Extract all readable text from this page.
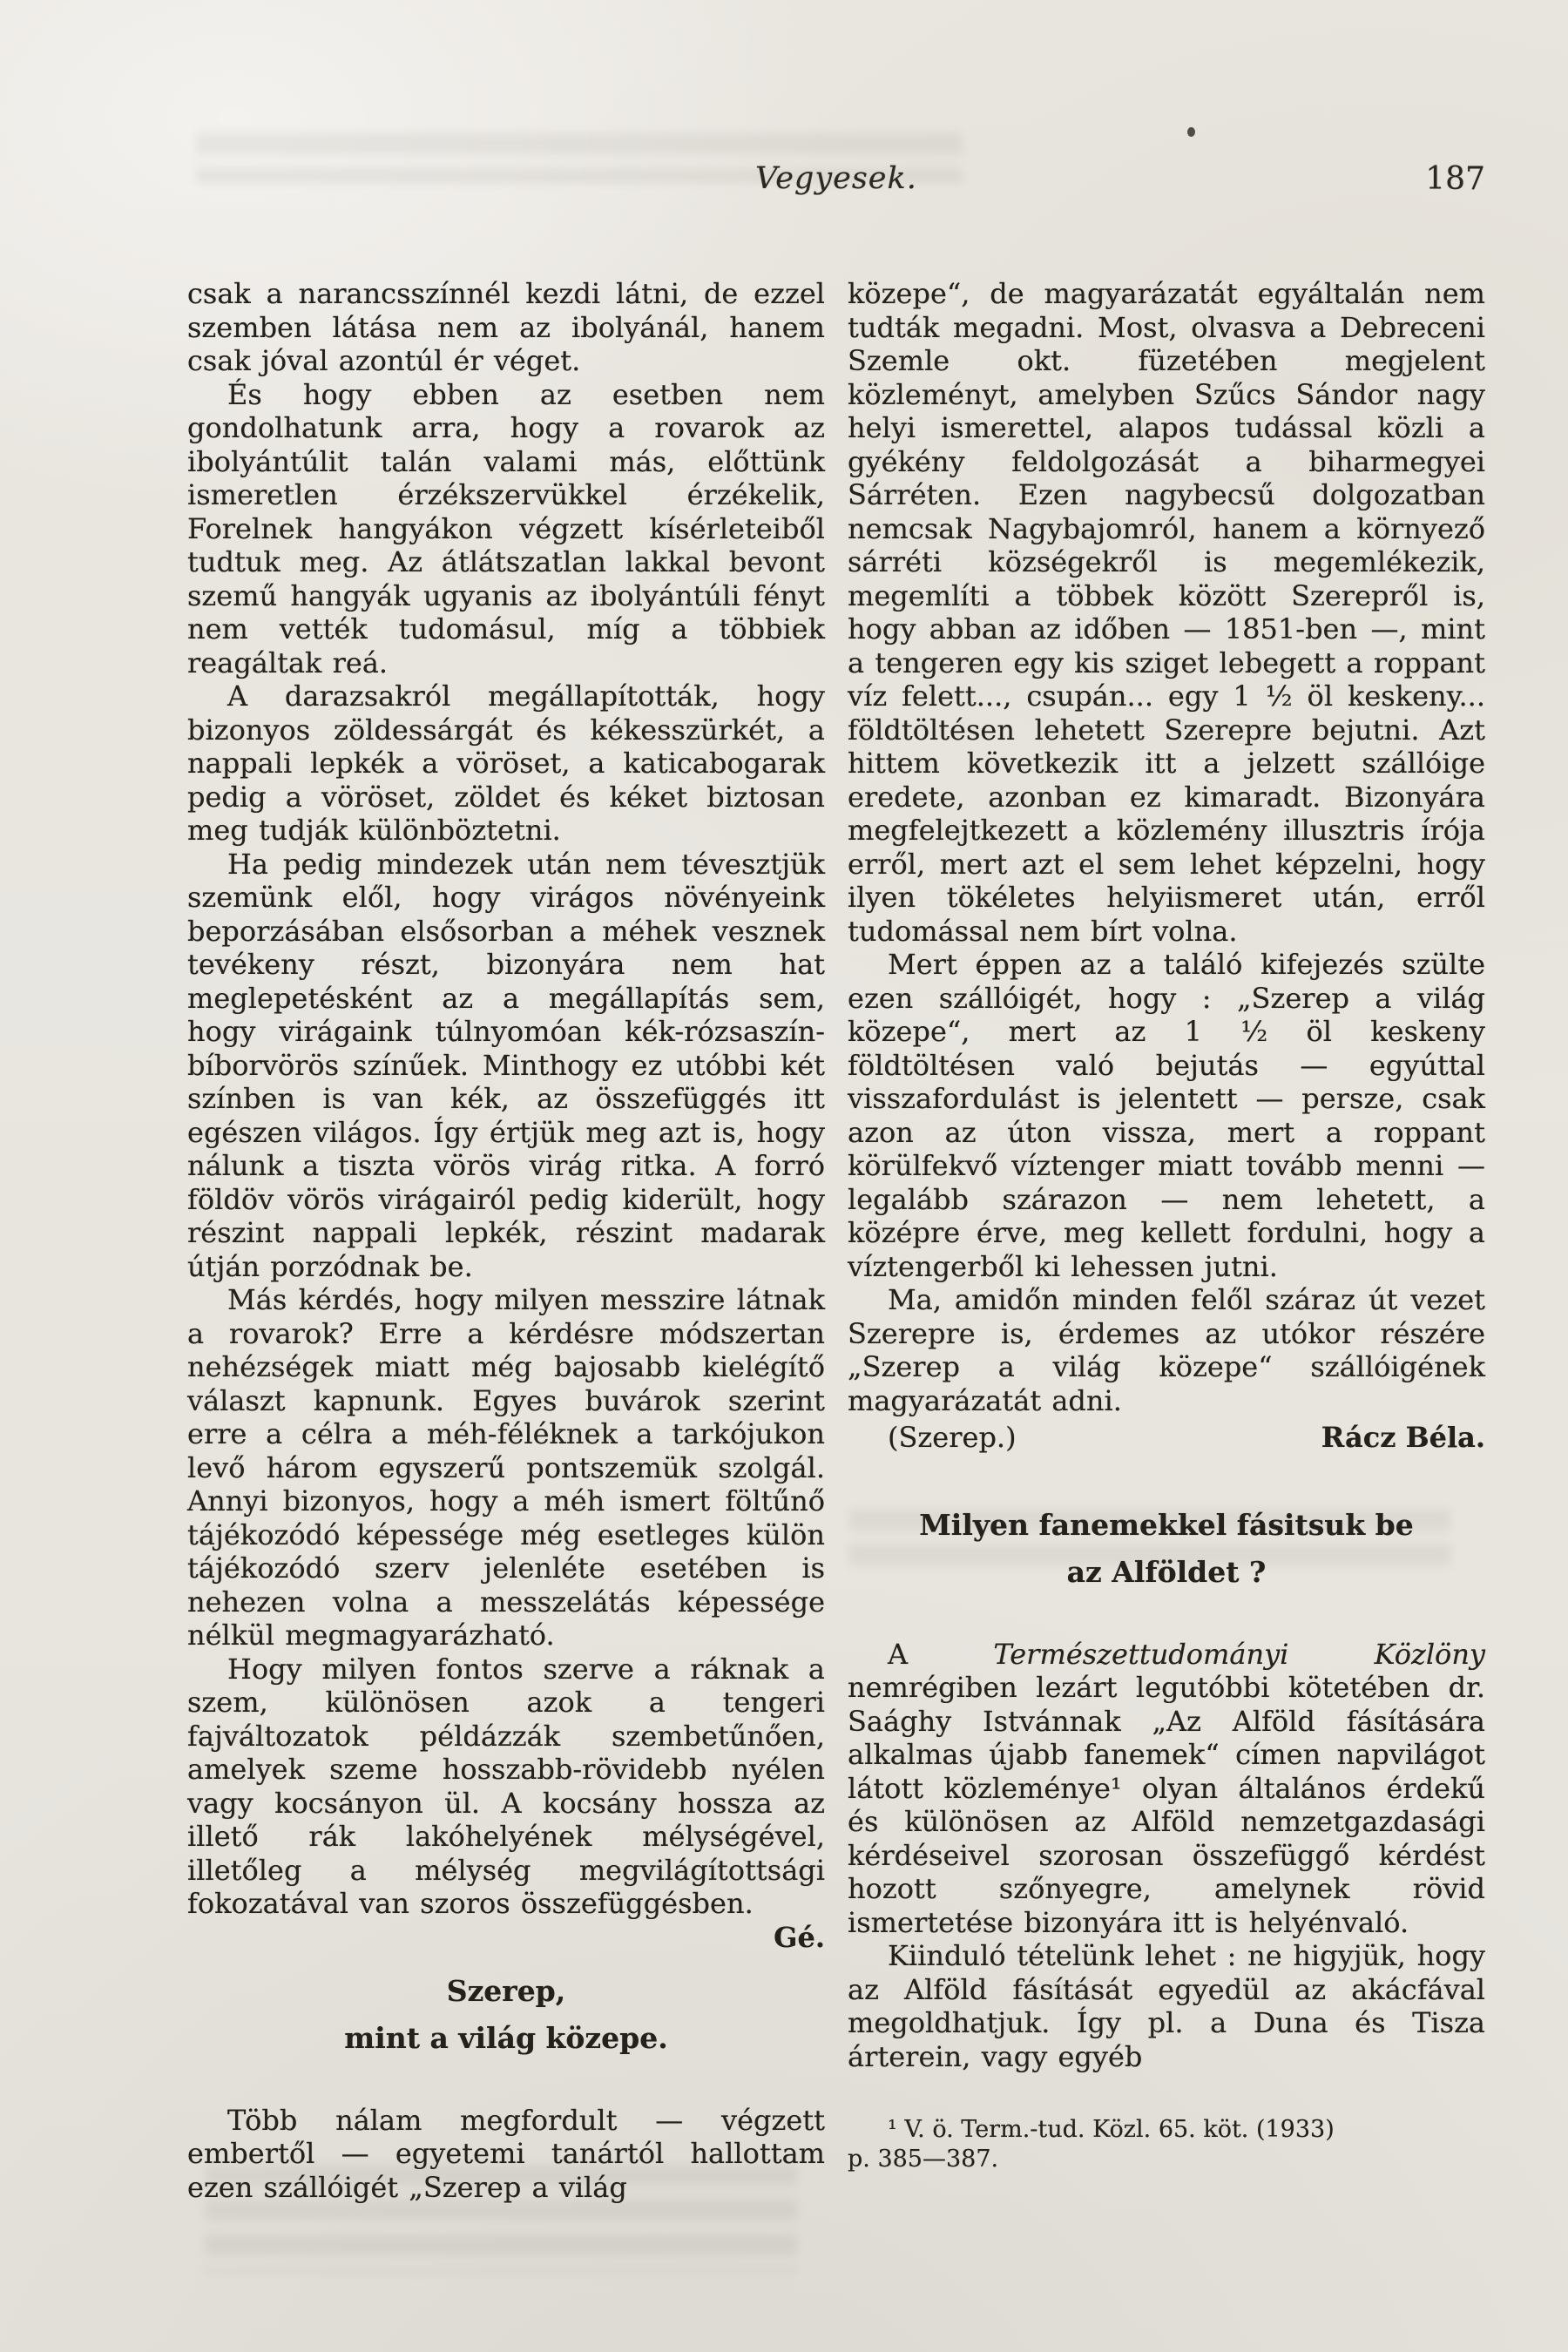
Vegyesek.	187

csak a narancsszínnél kezdi látni, de ezzel szemben látása nem az ibolyánál, hanem csak jóval azontúl ér véget.

És hogy ebben az esetben nem gondolhatunk arra, hogy a rovarok az ibolyántúlit talán valami más, előttünk ismeretlen érzékszervükkel érzékelik, Forelnek hangyákon végzett kísérleteiből tudtuk meg. Az átlátszatlan lakkal bevont szemű hangyák ugyanis az ibolyántúli fényt nem vették tudomásul, míg a többiek reagáltak reá.

A darazsakról megállapították, hogy bizonyos zöldessárgát és kékesszürkét, a nappali lepkék a vöröset, a katicabogarak pedig a vöröset, zöldet és kéket biztosan meg tudják különböztetni.

Ha pedig mindezek után nem tévesztjük szemünk elől, hogy virágos növényeink beporzásában elsősorban a méhek vesznek tevékeny részt, bizonyára nem hat meglepetésként az a megállapítás sem, hogy virágaink túlnyomóan kék-rózsaszín-bíborvörös színűek. Minthogy ez utóbbi két színben is van kék, az összefüggés itt egészen világos. Így értjük meg azt is, hogy nálunk a tiszta vörös virág ritka. A forró földöv vörös virágairól pedig kiderült, hogy részint nappali lepkék, részint madarak útján porzódnak be.

Más kérdés, hogy milyen messzire látnak a rovarok? Erre a kérdésre módszertan nehézségek miatt még bajosabb kielégítő választ kapnunk. Egyes buvárok szerint erre a célra a méh-féléknek a tarkójukon levő három egyszerű pontszemük szolgál. Annyi bizonyos, hogy a méh ismert föltűnő tájékozódó képessége még esetleges külön tájékozódó szerv jelenléte esetében is nehezen volna a messzelátás képessége nélkül megmagyarázható.

Hogy milyen fontos szerve a ráknak a szem, különösen azok a tengeri fajváltozatok példázzák szembetűnően, amelyek szeme hosszabb-rövidebb nyélen vagy kocsányon ül. A kocsány hossza az illető rák lakóhelyének mélységével, illetőleg a mélység megvilágítottsági fokozatával van szoros összefüggésben.
Gé.

Szerep,
mint a világ közepe.

Több nálam megfordult — végzett embertől — egyetemi tanártól hallottam ezen szállóigét „Szerep a világ

közepe“, de magyarázatát egyáltalán nem tudták megadni. Most, olvasva a Debreceni Szemle okt. füzetében megjelent közleményt, amelyben Szűcs Sándor nagy helyi ismerettel, alapos tudással közli a gyékény feldolgozását a biharmegyei Sárréten. Ezen nagybecsű dolgozatban nemcsak Nagybajomról, hanem a környező sárréti községekről is megemlékezik, megemlíti a többek között Szerepről is, hogy abban az időben — 1851-ben —, mint a tengeren egy kis sziget lebegett a roppant víz felett..., csupán... egy 1 ½ öl keskeny... földtöltésen lehetett Szerepre bejutni. Azt hittem következik itt a jelzett szállóige eredete, azonban ez kimaradt. Bizonyára megfelejtkezett a közlemény illusztris írója erről, mert azt el sem lehet képzelni, hogy ilyen tökéletes helyiismeret után, erről tudomással nem bírt volna.

Mert éppen az a találó kifejezés szülte ezen szállóigét, hogy : „Szerep a világ közepe“, mert az 1 ½ öl keskeny földtöltésen való bejutás — egyúttal visszafordulást is jelentett — persze, csak azon az úton vissza, mert a roppant körülfekvő víztenger miatt tovább menni — legalább szárazon — nem lehetett, a középre érve, meg kellett fordulni, hogy a víztengerből ki lehessen jutni.

Ma, amidőn minden felől száraz út vezet Szerepre is, érdemes az utókor részére „Szerep a világ közepe“ szállóigének magyarázatát adni.

(Szerep.)	Rácz Béla.
Milyen fanemekkel fásitsuk be
az Alföldet ?

A Természettudományi Közlöny nemrégiben lezárt legutóbbi kötetében dr. Saághy Istvánnak „Az Alföld fásítására alkalmas újabb fanemek“ címen napvilágot látott közleménye¹ olyan általános érdekű és különösen az Alföld nemzetgazdasági kérdéseivel szorosan összefüggő kérdést hozott szőnyegre, amelynek rövid ismertetése bizonyára itt is helyénvaló.

Kiinduló tételünk lehet : ne higyjük, hogy az Alföld fásítását egyedül az akácfával megoldhatjuk. Így pl. a Duna és Tisza árterein, vagy egyéb

¹ V. ö. Term.-tud. Közl. 65. köt. (1933)
p. 385—387.
